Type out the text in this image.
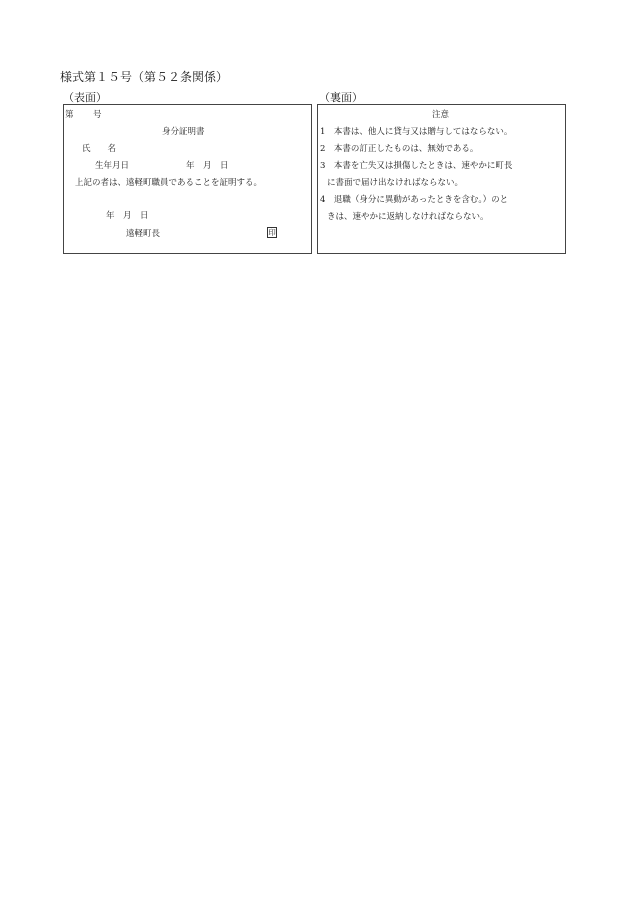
様式第１５号（第５２条関係）
（表面）	（裏面）
第 号
身分証明書
氏　　名
生年月日	年　月　日
上記の者は、遠軽町職員であることを証明する。
年　月　日
遠軽町長	印
注意
1　本書は、他人に貸与又は贈与してはならない。
2　本書の訂正したものは、無効である。
3　本書を亡失又は損傷したときは、速やかに町長
に書面で届け出なければならない。
4　退職（身分に異動があったときを含む。）のと
きは、速やかに返納しなければならない。
